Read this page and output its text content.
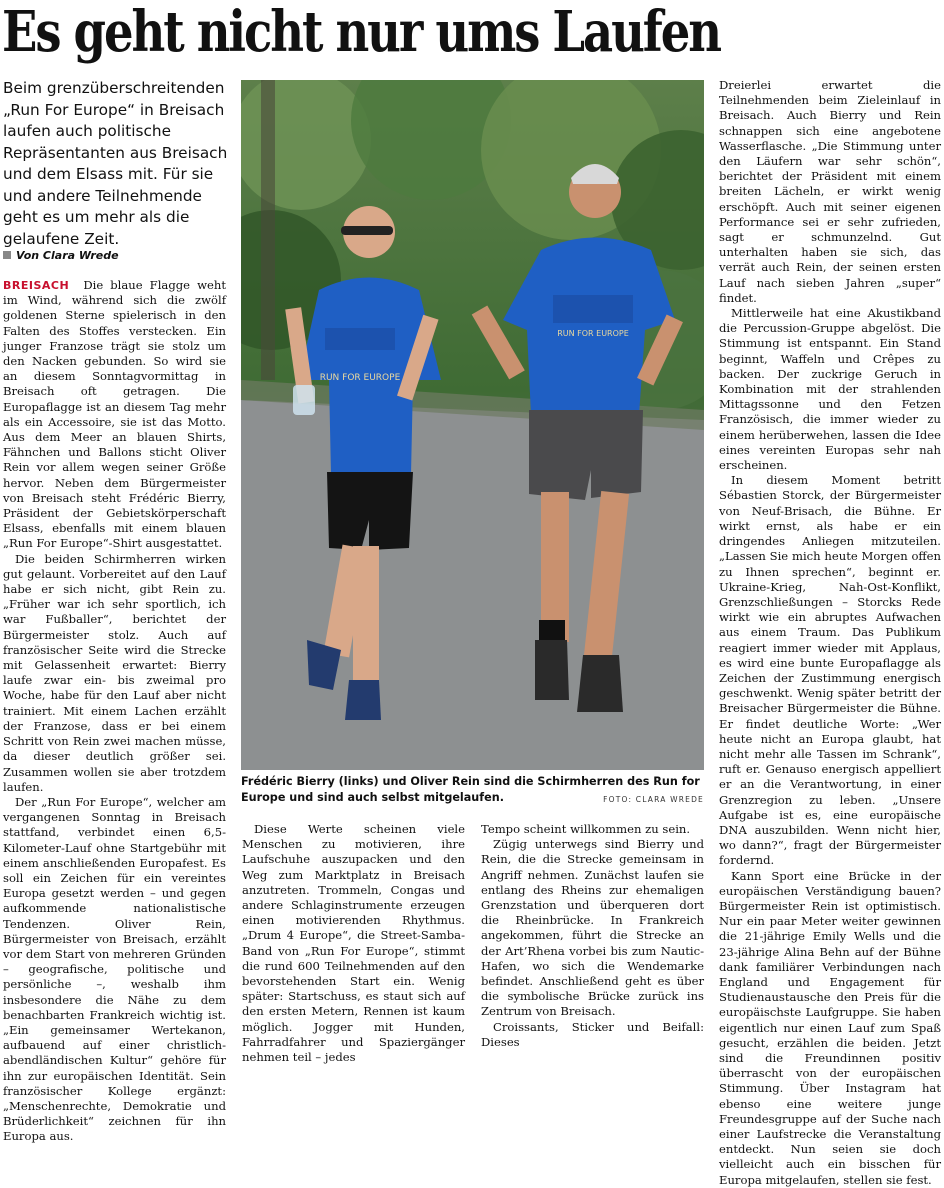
Es geht nicht nur ums Laufen
Beim grenzüberschreitenden „Run For Europe“ in Breisach laufen auch politische Repräsentanten aus Breisach und dem Elsass mit. Für sie und andere Teilnehmende geht es um mehr als die gelaufene Zeit.
Von Clara Wrede

BREISACH Die blaue Flagge weht im Wind, während sich die zwölf goldenen Sterne spielerisch in den Falten des Stoffes verstecken. Ein junger Franzose trägt sie stolz um den Nacken gebunden. So wird sie an diesem Sonntagvormittag in Breisach oft getragen. Die Europaflagge ist an diesem Tag mehr als ein Accessoire, sie ist das Motto. Aus dem Meer an blauen Shirts, Fähnchen und Ballons sticht Oliver Rein vor allem wegen seiner Größe hervor. Neben dem Bürgermeister von Breisach steht Frédéric Bierry, Präsident der Gebietskörperschaft Elsass, ebenfalls mit einem blauen „Run For Europe“-Shirt ausgestattet.

Die beiden Schirmherren wirken gut gelaunt. Vorbereitet auf den Lauf habe er sich nicht, gibt Rein zu. „Früher war ich sehr sportlich, ich war Fußballer“, berichtet der Bürgermeister stolz. Auch auf französischer Seite wird die Strecke mit Gelassenheit erwartet: Bierry laufe zwar ein- bis zweimal pro Woche, habe für den Lauf aber nicht trainiert. Mit einem Lachen erzählt der Franzose, dass er bei einem Schritt von Rein zwei machen müsse, da dieser deutlich größer sei. Zusammen wollen sie aber trotzdem laufen.

Der „Run For Europe“, welcher am vergangenen Sonntag in Breisach stattfand, verbindet einen 6,5-Kilometer-Lauf ohne Startgebühr mit einem anschließenden Europafest. Es soll ein Zeichen für ein vereintes Europa gesetzt werden – und gegen aufkommende nationalistische Tendenzen. Oliver Rein, Bürgermeister von Breisach, erzählt vor dem Start von mehreren Gründen – geografische, politische und persönliche –, weshalb ihm insbesondere die Nähe zu dem benachbarten Frankreich wichtig ist. „Ein gemeinsamer Wertekanon, aufbauend auf einer christlich-abendländischen Kultur“ gehöre für ihn zur europäischen Identität. Sein französischer Kollege ergänzt: „Menschenrechte, Demokratie und Brüderlichkeit“ zeichnen für ihn Europa aus.

RUN FOR EUROPE
RUN FOR EUROPE
Frédéric Bierry (links) und Oliver Rein sind die Schirmherren des Run for Europe und sind auch selbst mitgelaufen.	FOTO: CLARA WREDE

Diese Werte scheinen viele Menschen zu motivieren, ihre Laufschuhe auszupacken und den Weg zum Marktplatz in Breisach anzutreten. Trommeln, Congas und andere Schlaginstrumente erzeugen einen motivierenden Rhythmus. „Drum 4 Europe“, die Street-Samba-Band von „Run For Europe“, stimmt die rund 600 Teilnehmenden auf den bevorstehenden Start ein. Wenig später: Startschuss, es staut sich auf den ersten Metern, Rennen ist kaum möglich. Jogger mit Hunden, Fahrradfahrer und Spaziergänger nehmen teil – jedes

Tempo scheint willkommen zu sein.

Zügig unterwegs sind Bierry und Rein, die die Strecke gemeinsam in Angriff nehmen. Zunächst laufen sie entlang des Rheins zur ehemaligen Grenzstation und überqueren dort die Rheinbrücke. In Frankreich angekommen, führt die Strecke an der Art’Rhena vorbei bis zum Nautic-Hafen, wo sich die Wendemarke befindet. Anschließend geht es über die symbolische Brücke zurück ins Zentrum von Breisach.

Croissants, Sticker und Beifall: Dieses

Dreierlei erwartet die Teilnehmenden beim Zieleinlauf in Breisach. Auch Bierry und Rein schnappen sich eine angebotene Wasserflasche. „Die Stimmung unter den Läufern war sehr schön“, berichtet der Präsident mit einem breiten Lächeln, er wirkt wenig erschöpft. Auch mit seiner eigenen Performance sei er sehr zufrieden, sagt er schmunzelnd. Gut unterhalten haben sie sich, das verrät auch Rein, der seinen ersten Lauf nach sieben Jahren „super“ findet.

Mittlerweile hat eine Akustikband die Percussion-Gruppe abgelöst. Die Stimmung ist entspannt. Ein Stand beginnt, Waffeln und Crêpes zu backen. Der zuckrige Geruch in Kombination mit der strahlenden Mittagssonne und den Fetzen Französisch, die immer wieder zu einem herüberwehen, lassen die Idee eines vereinten Europas sehr nah erscheinen.

In diesem Moment betritt Sébastien Storck, der Bürgermeister von Neuf-Brisach, die Bühne. Er wirkt ernst, als habe er ein dringendes Anliegen mitzuteilen. „Lassen Sie mich heute Morgen offen zu Ihnen sprechen“, beginnt er. Ukraine-Krieg, Nah-Ost-Konflikt, Grenzschließungen – Storcks Rede wirkt wie ein abruptes Aufwachen aus einem Traum. Das Publikum reagiert immer wieder mit Applaus, es wird eine bunte Europaflagge als Zeichen der Zustimmung energisch geschwenkt. Wenig später betritt der Breisacher Bürgermeister die Bühne. Er findet deutliche Worte: „Wer heute nicht an Europa glaubt, hat nicht mehr alle Tassen im Schrank“, ruft er. Genauso energisch appelliert er an die Verantwortung, in einer Grenzregion zu leben. „Unsere Aufgabe ist es, eine europäische DNA auszubilden. Wenn nicht hier, wo dann?“, fragt der Bürgermeister fordernd.

Kann Sport eine Brücke in der europäischen Verständigung bauen? Bürgermeister Rein ist optimistisch. Nur ein paar Meter weiter gewinnen die 21-jährige Emily Wells und die 23-jährige Alina Behn auf der Bühne dank familiärer Verbindungen nach England und Engagement für Studienaustausche den Preis für die europäischste Laufgruppe. Sie haben eigentlich nur einen Lauf zum Spaß gesucht, erzählen die beiden. Jetzt sind die Freundinnen positiv überrascht von der europäischen Stimmung. Über Instagram hat ebenso eine weitere junge Freundesgruppe auf der Suche nach einer Laufstrecke die Veranstaltung entdeckt. Nun seien sie doch vielleicht auch ein bisschen für Europa mitgelaufen, stellen sie fest.
